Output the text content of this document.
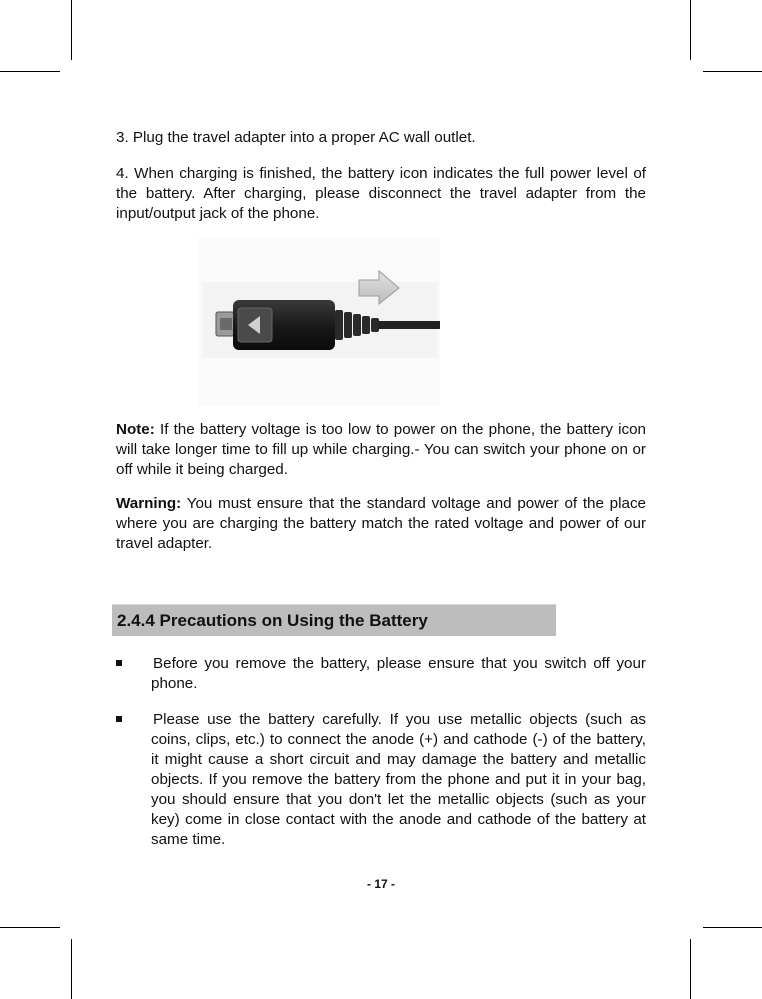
3. Plug the travel adapter into a proper AC wall outlet.

4. When charging is finished, the battery icon indicates the full power level of the battery. After charging, please disconnect the travel adapter from the input/output jack of the phone.

Note: If the battery voltage is too low to power on the phone, the battery icon will take longer time to fill up while charging.- You can switch your phone on or off while it being charged.

Warning: You must ensure that the standard voltage and power of the place where you are charging the battery match the rated voltage and power of our travel adapter.

2.4.4 Precautions on Using the Battery
Before you remove the battery, please ensure that you switch off your phone.
Please use the battery carefully. If you use metallic objects (such as coins, clips, etc.) to connect the anode (+) and cathode (-) of the battery, it might cause a short circuit and may damage the battery and metallic objects. If you remove the battery from the phone and put it in your bag, you should ensure that you don't let the metallic objects (such as your key) come in close contact with the anode and cathode of the battery at same time.
- 17 -
